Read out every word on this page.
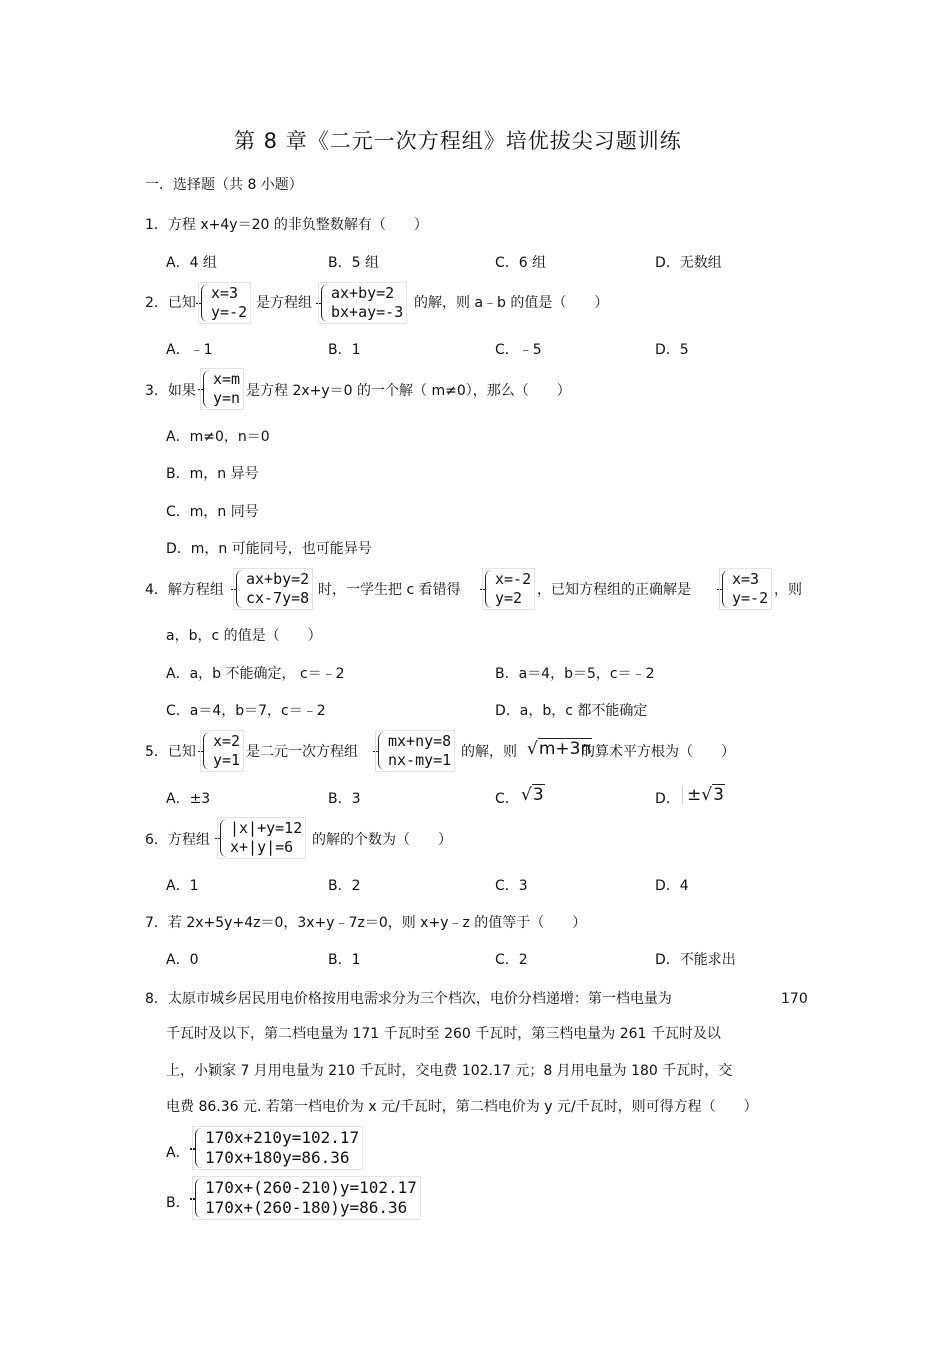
第 8 章《二元一次方程组》培优拔尖习题训练
一．选择题（共 8 小题）
1．方程 x+4y＝20 的非负整数解有（　　）
A．4 组	B．5 组	C．6 组	D．无数组
2．已知
x=3
y=-2 是方程组
ax+by=2
bx+ay=-3 的解，则 a﹣b 的值是（　　）
A．﹣1	B．1	C．﹣5	D．5
3．如果
x=m
y=n 是方程 2x+y＝0 的一个解（ m≠0），那么（　　）
A．m≠0，n＝0
B．m，n 异号
C．m，n 同号
D．m，n 可能同号，也可能异号
4．解方程组
ax+by=2
cx-7y=8 时，一学生把 c 看错得
x=-2
y=2	，已知方程组的正确解是
x=3
y=-2 ，则
a，b，c 的值是（　　）
A．a，b 不能确定， c＝﹣2	B．a＝4，b＝5，c＝﹣2
C．a＝4，b＝7，c＝﹣2	D．a，b，c 都不能确定
5．已知
x=2
y=1 是二元一次方程组
mx+ny=8
nx-my=1 的解，则 √m+3n
的算术平方根为（　　）
A．±3	B．3	C． √3	D． ±√3
6．方程组
|x|+y=12
x+|y|=6	的解的个数为（　　）
A．1	B．2	C．3	D．4
7．若 2x+5y+4z＝0，3x+y﹣7z＝0，则 x+y﹣z 的值等于（　　）
A．0	B．1	C．2	D．不能求出
8．太原市城乡居民用电价格按用电需求分为三个档次，电价分档递增：第一档电量为	170
千瓦时及以下，第二档电量为 171 千瓦时至 260 千瓦时，第三档电量为 261 千瓦时及以
上，小颖家 7 月用电量为 210 千瓦时，交电费 102.17 元；8 月用电量为 180 千瓦时，交
电费 86.36 元. 若第一档电价为 x 元/千瓦时，第二档电价为 y 元/千瓦时，则可得方程（　　）
A．
170x+210y=102.17
170x+180y=86.36
B．
170x+(260-210)y=102.17
170x+(260-180)y=86.36
